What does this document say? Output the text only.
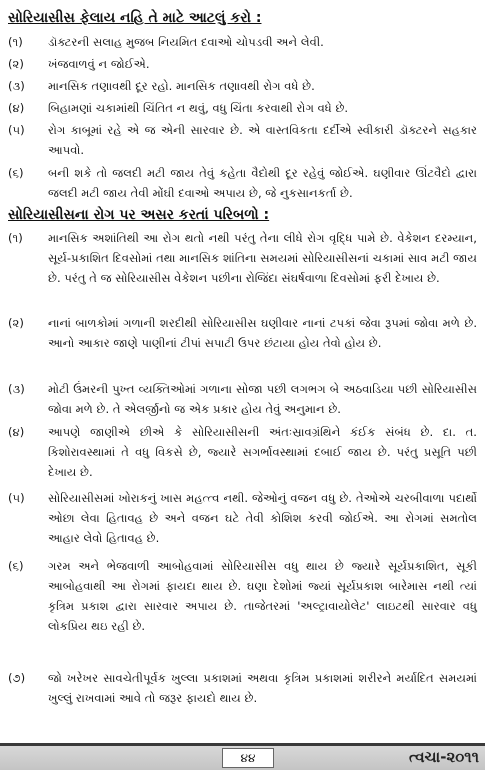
સોરિયાસીસ ફેલાય નહિ તે માટે આટલું કરો :
(૧)	ડૉક્ટરની સલાહ મુજબ નિયમિત દવાઓ ચોપડવી અને લેવી.
(૨)	ખંજવાળવું ન જોઈએ.
(૩)	માનસિક તણાવથી દૂર રહો. માનસિક તણાવથી રોગ વધે છે.
(૪)	બિહામણાં ચકામાંથી ચિંતિત ન થવું, વધુ ચિંતા કરવાથી રોગ વધે છે.
(૫)	રોગ કાબૂમાં રહે એ જ એની સારવાર છે. એ વાસ્તવિકતા દર્દીએ સ્વીકારી ડૉક્ટરને સહકાર આપવો.
(૬)	બની શકે તો જલદી મટી જાય તેવું કહેતા વૈદોથી દૂર રહેવું જોઈએ. ઘણીવાર ઊંટવૈદો દ્વારા જલદી મટી જાય તેવી મોંઘી દવાઓ અપાય છે, જે નુકસાનકર્તા છે.
સોરિયાસીસના રોગ પર અસર કરતાં પરિબળો :
(૧)	માનસિક અશાંતિથી આ રોગ થતો નથી પરંતુ તેના લીધે રોગ વૃદ્ધિ પામે છે. વેકેશન દરમ્યાન, સૂર્ય-પ્રકાશિત દિવસોમાં તથા માનસિક શાંતિના સમયમાં સોરિયાસીસનાં ચકામાં સાવ મટી જાય છે. પરંતુ તે જ સોરિયાસીસ વેકેશન પછીના રોજિંદા સંઘર્ષવાળા દિવસોમાં ફરી દેખાય છે.
(૨)	નાનાં બાળકોમાં ગળાની શરદીથી સોરિયાસીસ ઘણીવાર નાનાં ટપકાં જેવા રૂપમાં જોવા મળે છે. આનો આકાર જાણે પાણીનાં ટીપાં સપાટી ઉપર છંટાયા હોય તેવો હોય છે.
(૩)	મોટી ઉંમરની પુખ્ત વ્યક્તિઓમાં ગળાના સોજા પછી લગભગ બે અઠવાડિયા પછી સોરિયાસીસ જોવા મળે છે. તે એલર્જીનો જ એક પ્રકાર હોય તેવું અનુમાન છે.
(૪)	આપણે જાણીએ છીએ કે સોરિયાસીસની અંતઃસ્રાવગ્રંથિને કંઈક સંબંધ છે. દા. ત. કિશોરાવસ્થામાં તે વધુ વિકસે છે, જ્યારે સગર્ભાવસ્થામાં દબાઈ જાય છે. પરંતુ પ્રસૂતિ પછી દેખાય છે.
(૫)	સોરિયાસીસમાં ખોરાકનું ખાસ મહત્ત્વ નથી. જેઓનું વજન વધુ છે. તેઓએ ચરબીવાળા પદાર્થો ઓછા લેવા હિતાવહ છે અને વજન ઘટે તેવી કોશિશ કરવી જોઈએ. આ રોગમાં સમતોલ આહાર લેવો હિતાવહ છે.
(૬)	ગરમ અને ભેજવાળી આબોહવામાં સોરિયાસીસ વધુ થાય છે જ્યારે સૂર્યપ્રકાશિત, સૂકી આબોહવાથી આ રોગમાં ફાયદા થાય છે. ઘણા દેશોમાં જ્યાં સૂર્યપ્રકાશ બારેમાસ નથી ત્યાં કૃત્રિમ પ્રકાશ દ્વારા સારવાર અપાય છે. તાજેતરમાં 'અલ્ટ્રાવાયોલેટ' લાઇટથી સારવાર વધુ લોકપ્રિય થઇ રહી છે.
(૭)	જો ખરેખર સાવચેતીપૂર્વક ખુલ્લા પ્રકાશમાં અથવા કૃત્રિમ પ્રકાશમાં શરીરને મર્યાદિત સમયમાં ખુલ્લું રાખવામાં આવે તો જરૂર ફાયદો થાય છે.
૪૪	ત્વચા-૨૦૧૧
